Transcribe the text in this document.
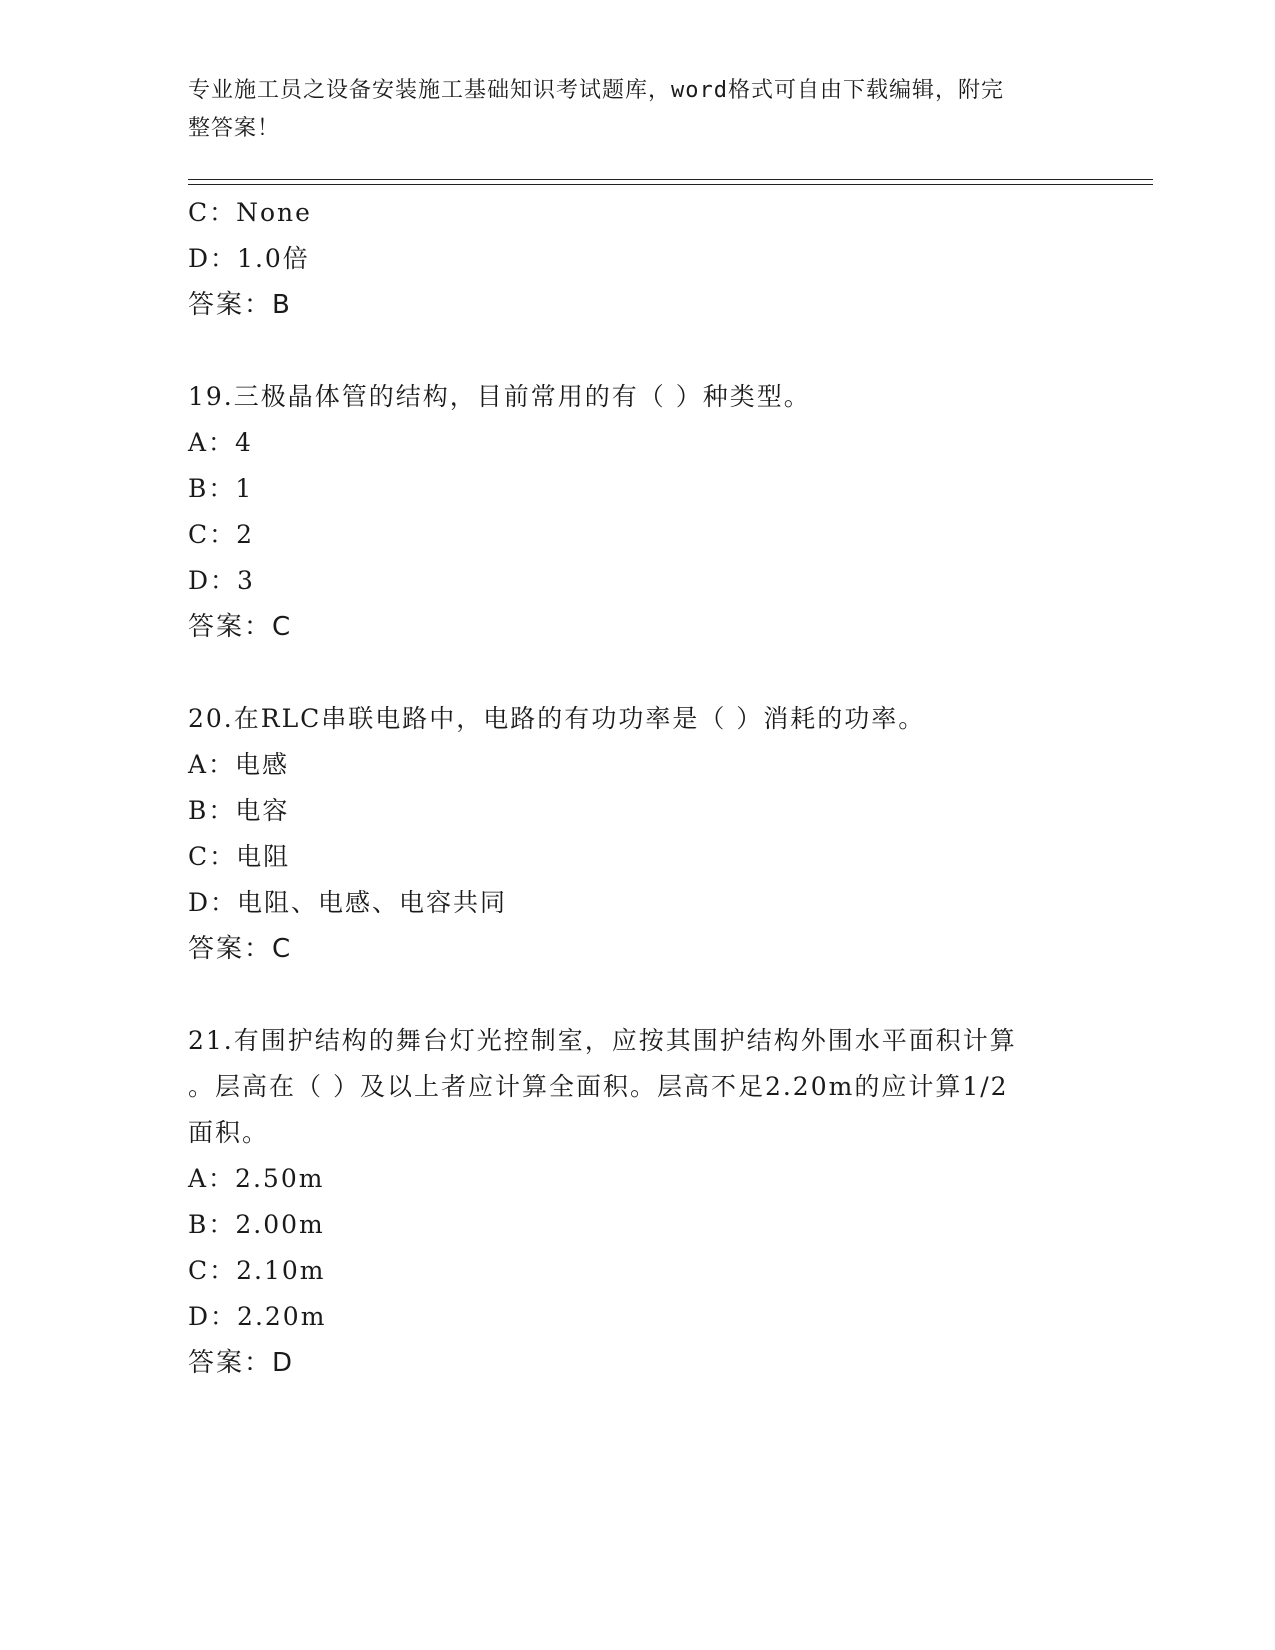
专业施工员之设备安装施工基础知识考试题库，word格式可自由下载编辑，附完
整答案！
C：None
D：1.0倍
答案：B
19.三极晶体管的结构，目前常用的有（ ）种类型。
A：4
B：1
C：2
D：3
答案：C
20.在RLC串联电路中，电路的有功功率是（ ）消耗的功率。
A：电感
B：电容
C：电阻
D：电阻、电感、电容共同
答案：C
21.有围护结构的舞台灯光控制室，应按其围护结构外围水平面积计算
。层高在（ ）及以上者应计算全面积。层高不足2.20m的应计算1/2
面积。
A：2.50m
B：2.00m
C：2.10m
D：2.20m
答案：D
